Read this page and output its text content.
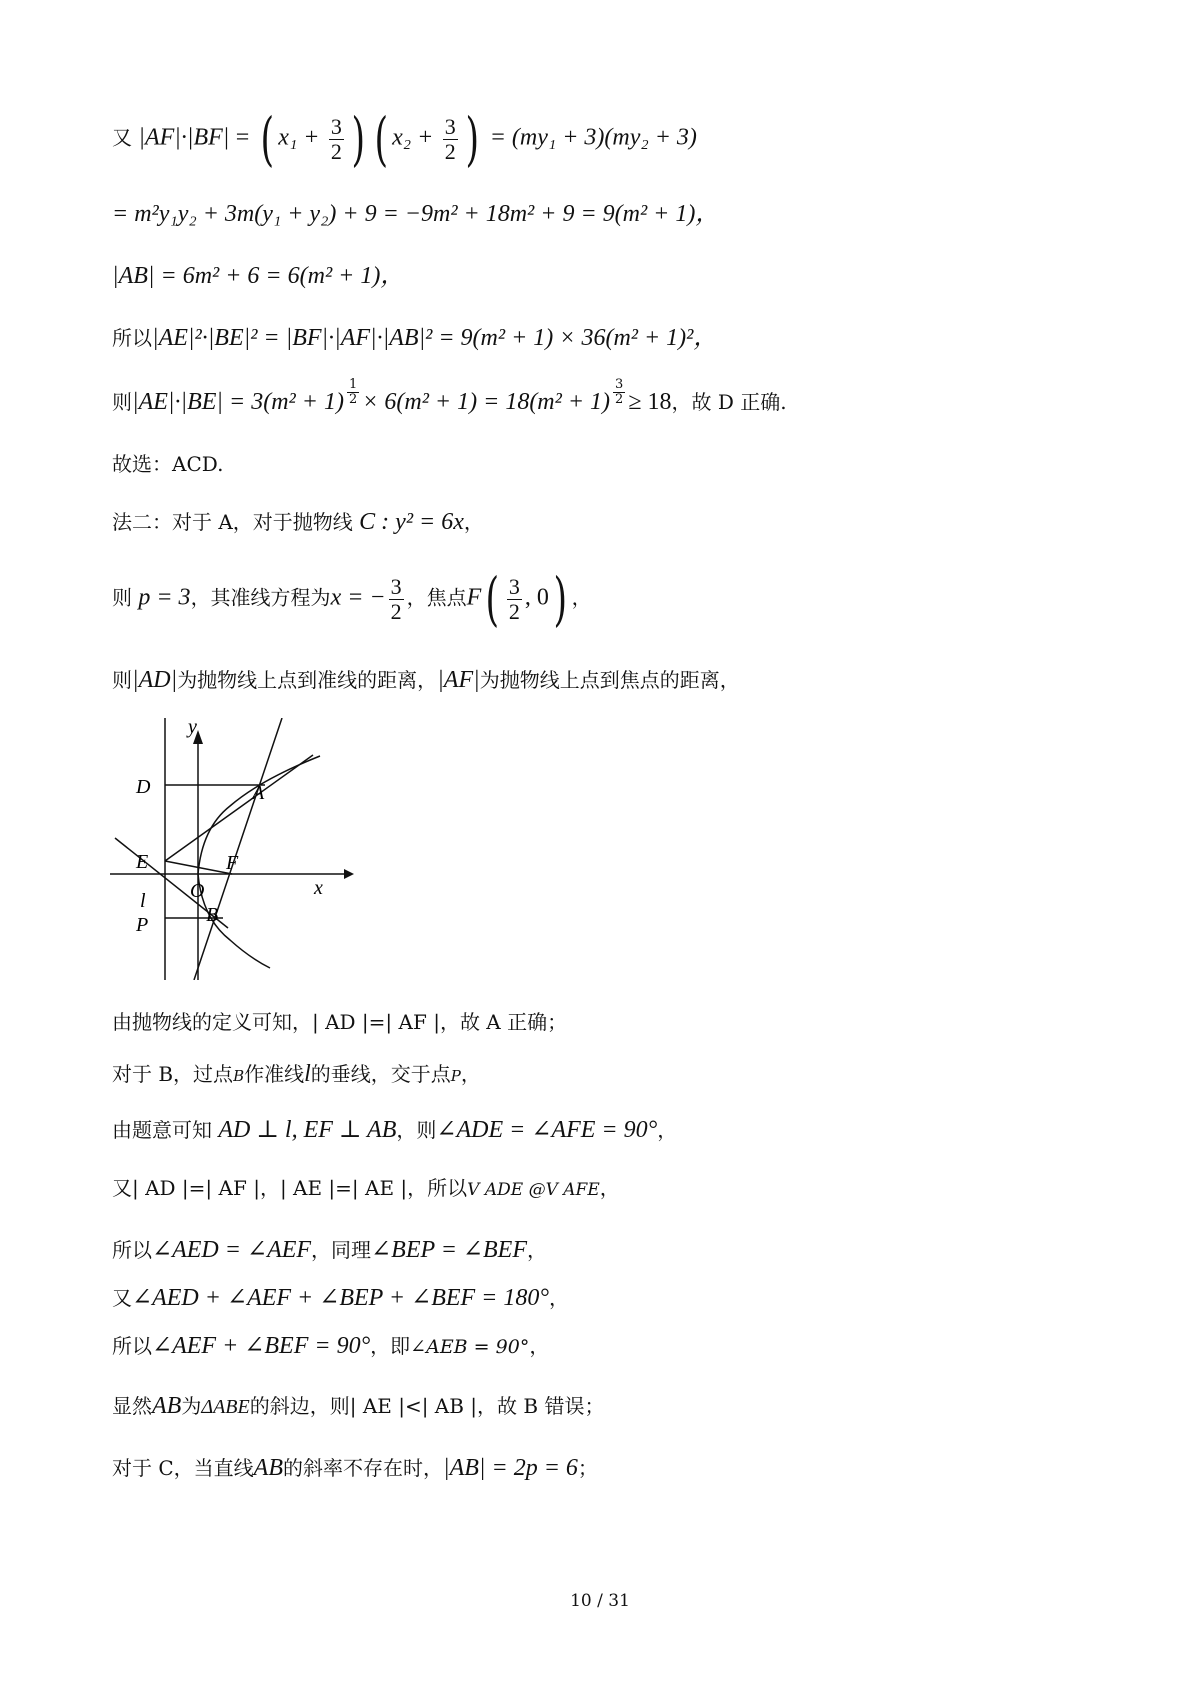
又 |AF|·|BF| = ( $x_1 + \frac{3}{2}$ ) ( $x_2 + \frac{3}{2}$ ) = (my₁ + 3)(my₂ + 3)
= m²y₁y₂ + 3m(y₁ + y₂) + 9 = −9m² + 18m² + 9 = 9(m² + 1)，
|AB| = 6m² + 6 = 6(m² + 1)，
所以|AE|²·|BE|² = |BF|·|AF|·|AB|² = 9(m² + 1) × 36(m² + 1)²，
则$|AE|\cdot|BE| = 3(m^2 + 1) \frac{1}{2} \times 6(m^2 + 1) = 18(m^2 + 1) \frac{3}{2} \ge 18$，故 D 正确.
故选：ACD.
法二：对于 A，对于抛物线 C : y² = 6x，
则 p = 3，其准线方程为x = − $\frac{3}{2}$ ，焦点$F( \frac{3}{2}$ , 0) ，
则|AD|为抛物线上点到准线的距离，|AF|为抛物线上点到焦点的距离，
y
x
D	A
E	F
O
l
P	B
由抛物线的定义可知，| AD |=| AF |，故 A 正确；
对于 B，过点B作准线l的垂线，交于点P，
由题意可知 AD ⊥ l, EF ⊥ AB，则∠ADE = ∠AFE = 90°，
又| AD |=| AF |，| AE |=| AE |，所以V ADE @V AFE，
所以∠AED = ∠AEF，同理∠BEP = ∠BEF，
又∠AED + ∠AEF + ∠BEP + ∠BEF = 180°，
所以∠AEF + ∠BEF = 90°，即∠AEB = 90°，
显然AB为ΔABE的斜边，则| AE |<| AB |，故 B 错误；
对于 C，当直线AB的斜率不存在时，|AB| = 2p = 6；
10 / 31
